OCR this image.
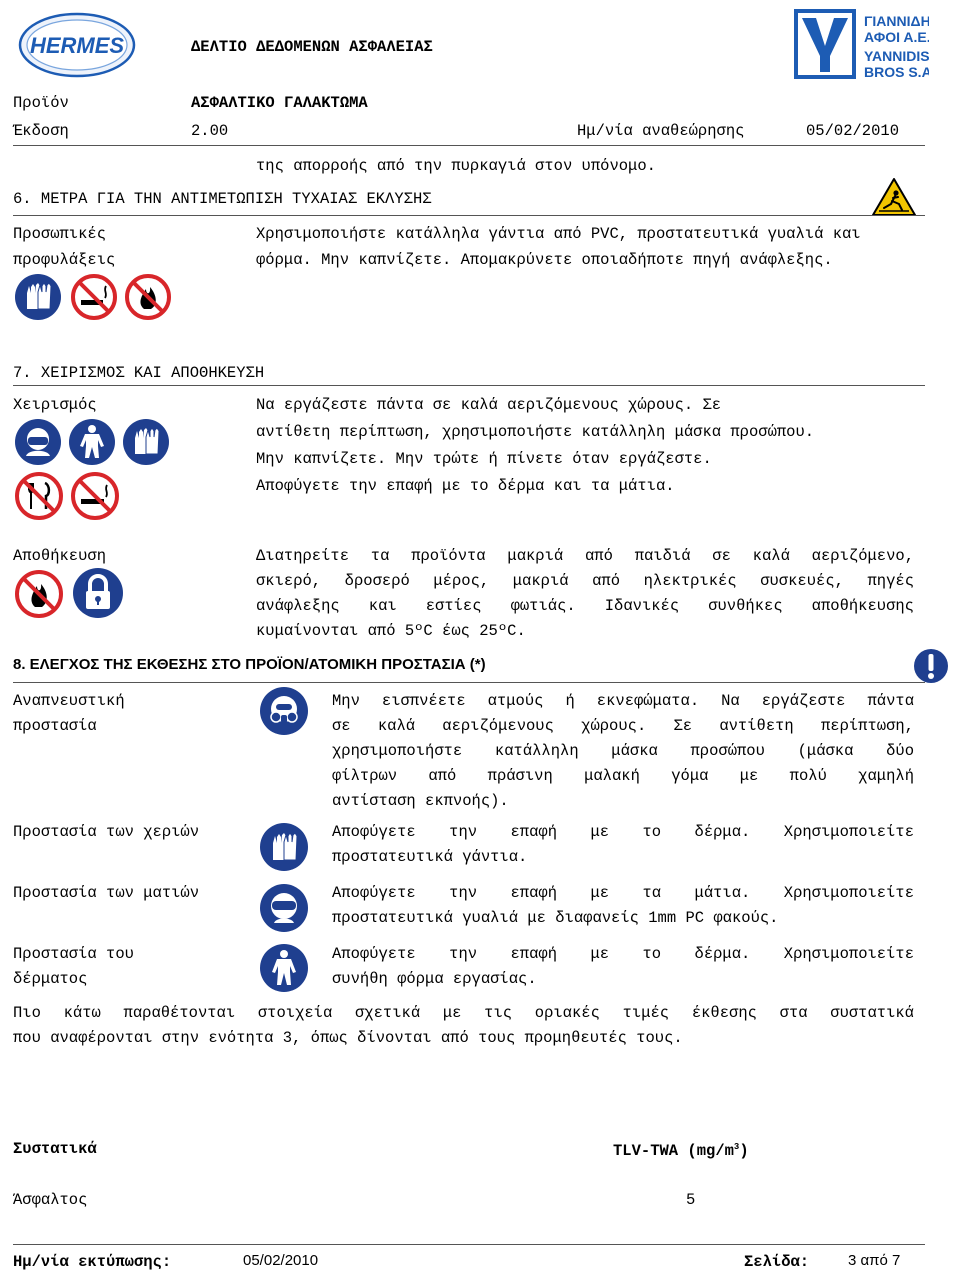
HERMES	ΔΕΛΤΙΟ ΔΕΔΟΜΕΝΩΝ ΑΣΦΑΛΕΙΑΣ
ΓΙΑΝΝΙΔΗ
ΑΦΟΙ Α.Ε.
YANNIDIS
BROS S.A.
Προϊόν	ΑΣΦΑΛΤΙΚΟ ΓΑΛΑΚΤΩΜΑ
Έκδοση	2.00	Ημ/νία αναθεώρησης	05/02/2010
της απορροής από την πυρκαγιά στον υπόνομο.
6. ΜΕΤΡΑ ΓΙΑ ΤΗΝ ΑΝΤΙΜΕΤΩΠΙΣΗ ΤΥΧΑΙΑΣ ΕΚΛΥΣΗΣ
Προσωπικές
προφυλάξεις
Χρησιμοποιήστε κατάλληλα γάντια από PVC, προστατευτικά γυαλιά και
φόρμα. Μην καπνίζετε. Απομακρύνετε οποιαδήποτε πηγή ανάφλεξης.
7. ΧΕΙΡΙΣΜΟΣ ΚΑΙ ΑΠΟΘΗΚΕΥΣΗ
Χειρισμός	Να εργάζεστε πάντα σε καλά αεριζόμενους χώρους. Σε
αντίθετη περίπτωση, χρησιμοποιήστε κατάλληλη μάσκα προσώπου.
Μην καπνίζετε. Μην τρώτε ή πίνετε όταν εργάζεστε.
Αποφύγετε την επαφή με το δέρμα και τα μάτια.
Αποθήκευση	Διατηρείτε τα προϊόντα μακριά από παιδιά σε καλά αεριζόμενο,
σκιερό, δροσερό μέρος, μακριά από ηλεκτρικές συσκευές, πηγές
ανάφλεξης και εστίες φωτιάς. Ιδανικές συνθήκες αποθήκευσης
κυμαίνονται από 5ºC έως 25ºC.
8. ΕΛΕΓΧΟΣ ΤΗΣ ΕΚΘΕΣΗΣ ΣΤΟ ΠΡΟΪΟΝ/ΑΤΟΜΙΚΗ ΠΡΟΣΤΑΣΙΑ (*)
Αναπνευστική
προστασία
Μην εισπνέετε ατμούς ή εκνεφώματα. Να εργάζεστε πάντα
σε καλά αεριζόμενους χώρους. Σε αντίθετη περίπτωση,
χρησιμοποιήστε κατάλληλη μάσκα προσώπου (μάσκα δύο
φίλτρων από πράσινη μαλακή γόμα με πολύ χαμηλή
αντίσταση εκπνοής).
Προστασία των χεριών	Αποφύγετε την επαφή με το δέρμα. Χρησιμοποιείτε
προστατευτικά γάντια.
Προστασία των ματιών	Αποφύγετε την επαφή με τα μάτια. Χρησιμοποιείτε
προστατευτικά γυαλιά με διαφανείς 1mm PC φακούς.
Προστασία του
δέρματος
Αποφύγετε την επαφή με το δέρμα. Χρησιμοποιείτε
συνήθη φόρμα εργασίας.
Πιο κάτω παραθέτονται στοιχεία σχετικά με τις οριακές τιμές έκθεσης στα συστατικά
που αναφέρονται στην ενότητα 3, όπως δίνονται από τους προμηθευτές τους.
Συστατικά	TLV-TWA $(mg/m^3)$
Άσφαλτος	5
Ημ/νία εκτύπωσης:	05/02/2010	Σελίδα:	3 από 7
